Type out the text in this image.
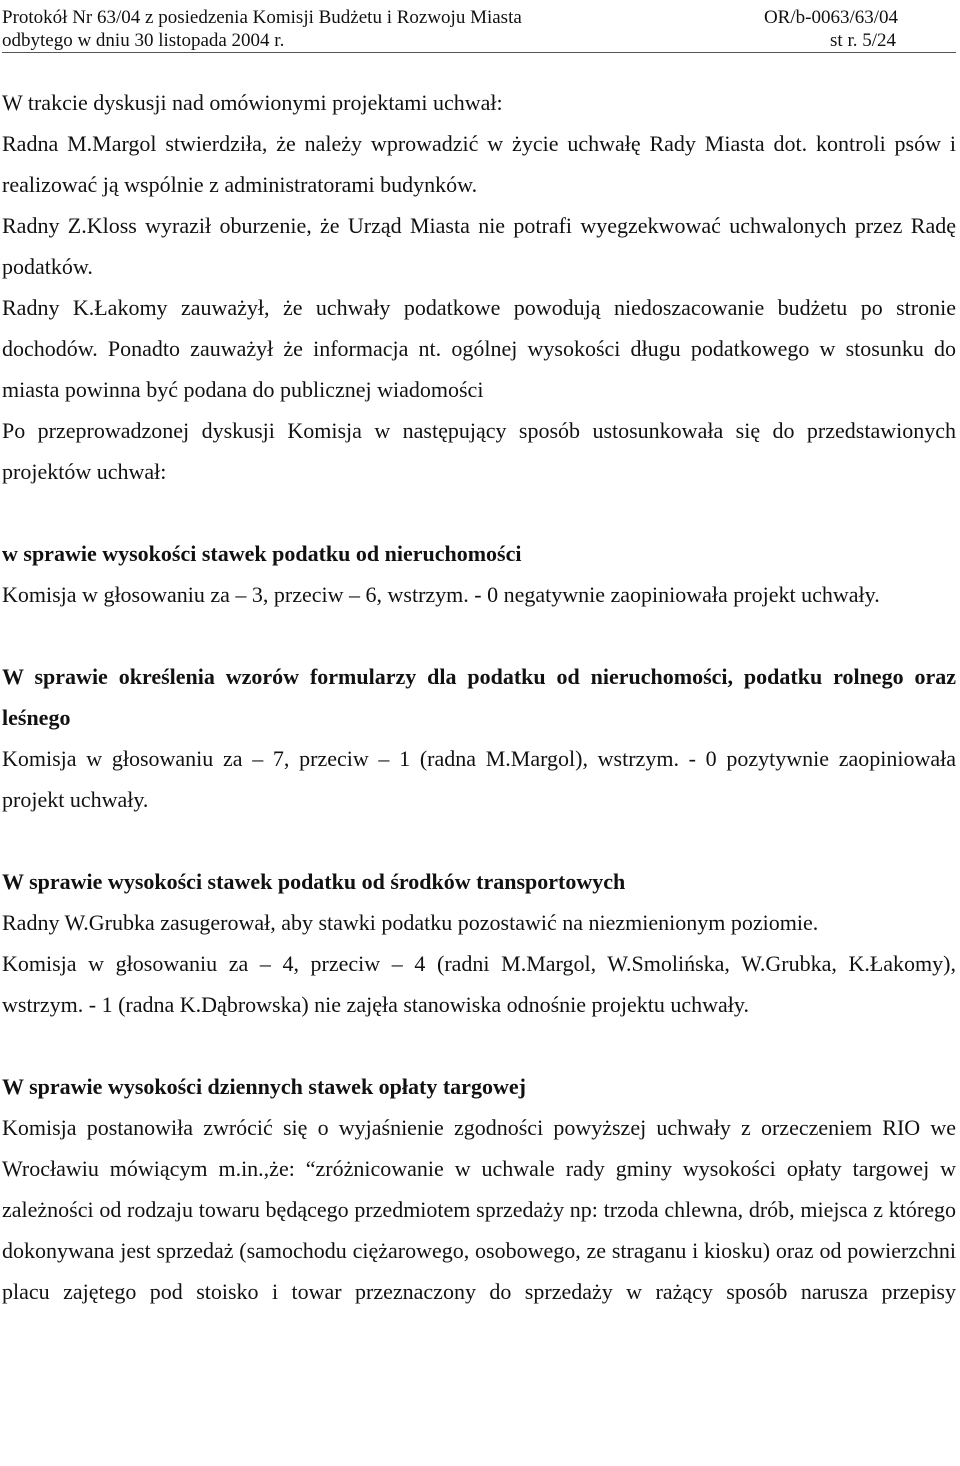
Protokół Nr 63/04 z posiedzenia Komisji Budżetu i Rozwoju Miasta
odbytego w dniu 30 listopada 2004 r.
OR/b-0063/63/04
st r. 5/24

W trakcie dyskusji nad omówionymi projektami uchwał:

Radna M.Margol stwierdziła, że należy wprowadzić w życie uchwałę Rady Miasta dot. kontroli psów i realizować ją wspólnie z administratorami budynków.

Radny Z.Kloss wyraził oburzenie, że Urząd Miasta nie potrafi wyegzekwować uchwalonych przez Radę podatków.

Radny K.Łakomy zauważył, że uchwały podatkowe powodują niedoszacowanie budżetu po stronie dochodów. Ponadto zauważył że informacja nt. ogólnej wysokości długu podatkowego w stosunku do miasta powinna być podana do publicznej wiadomości

Po przeprowadzonej dyskusji Komisja w następujący sposób ustosunkowała się do przedstawionych projektów uchwał:

w sprawie wysokości stawek podatku od nieruchomości

Komisja w głosowaniu za – 3, przeciw – 6, wstrzym. - 0 negatywnie zaopiniowała projekt uchwały.

W sprawie określenia wzorów formularzy dla podatku od nieruchomości, podatku rolnego oraz leśnego

Komisja w głosowaniu za – 7, przeciw – 1 (radna M.Margol), wstrzym. - 0 pozytywnie zaopiniowała projekt uchwały.

W sprawie wysokości stawek podatku od środków transportowych

Radny W.Grubka zasugerował, aby stawki podatku pozostawić na niezmienionym poziomie.

Komisja w głosowaniu za – 4, przeciw – 4 (radni M.Margol, W.Smolińska, W.Grubka, K.Łakomy), wstrzym. - 1 (radna K.Dąbrowska) nie zajęła stanowiska odnośnie projektu uchwały.

W sprawie wysokości dziennych stawek opłaty targowej

Komisja postanowiła zwrócić się o wyjaśnienie zgodności powyższej uchwały z orzeczeniem RIO we Wrocławiu mówiącym m.in.,że: “zróżnicowanie w uchwale rady gminy wysokości opłaty targowej w zależności od rodzaju towaru będącego przedmiotem sprzedaży np: trzoda chlewna, drób, miejsca z którego dokonywana jest sprzedaż (samochodu ciężarowego, osobowego, ze straganu i kiosku) oraz od powierzchni placu zajętego pod stoisko i towar przeznaczony do sprzedaży w rażący sposób narusza przepisy
